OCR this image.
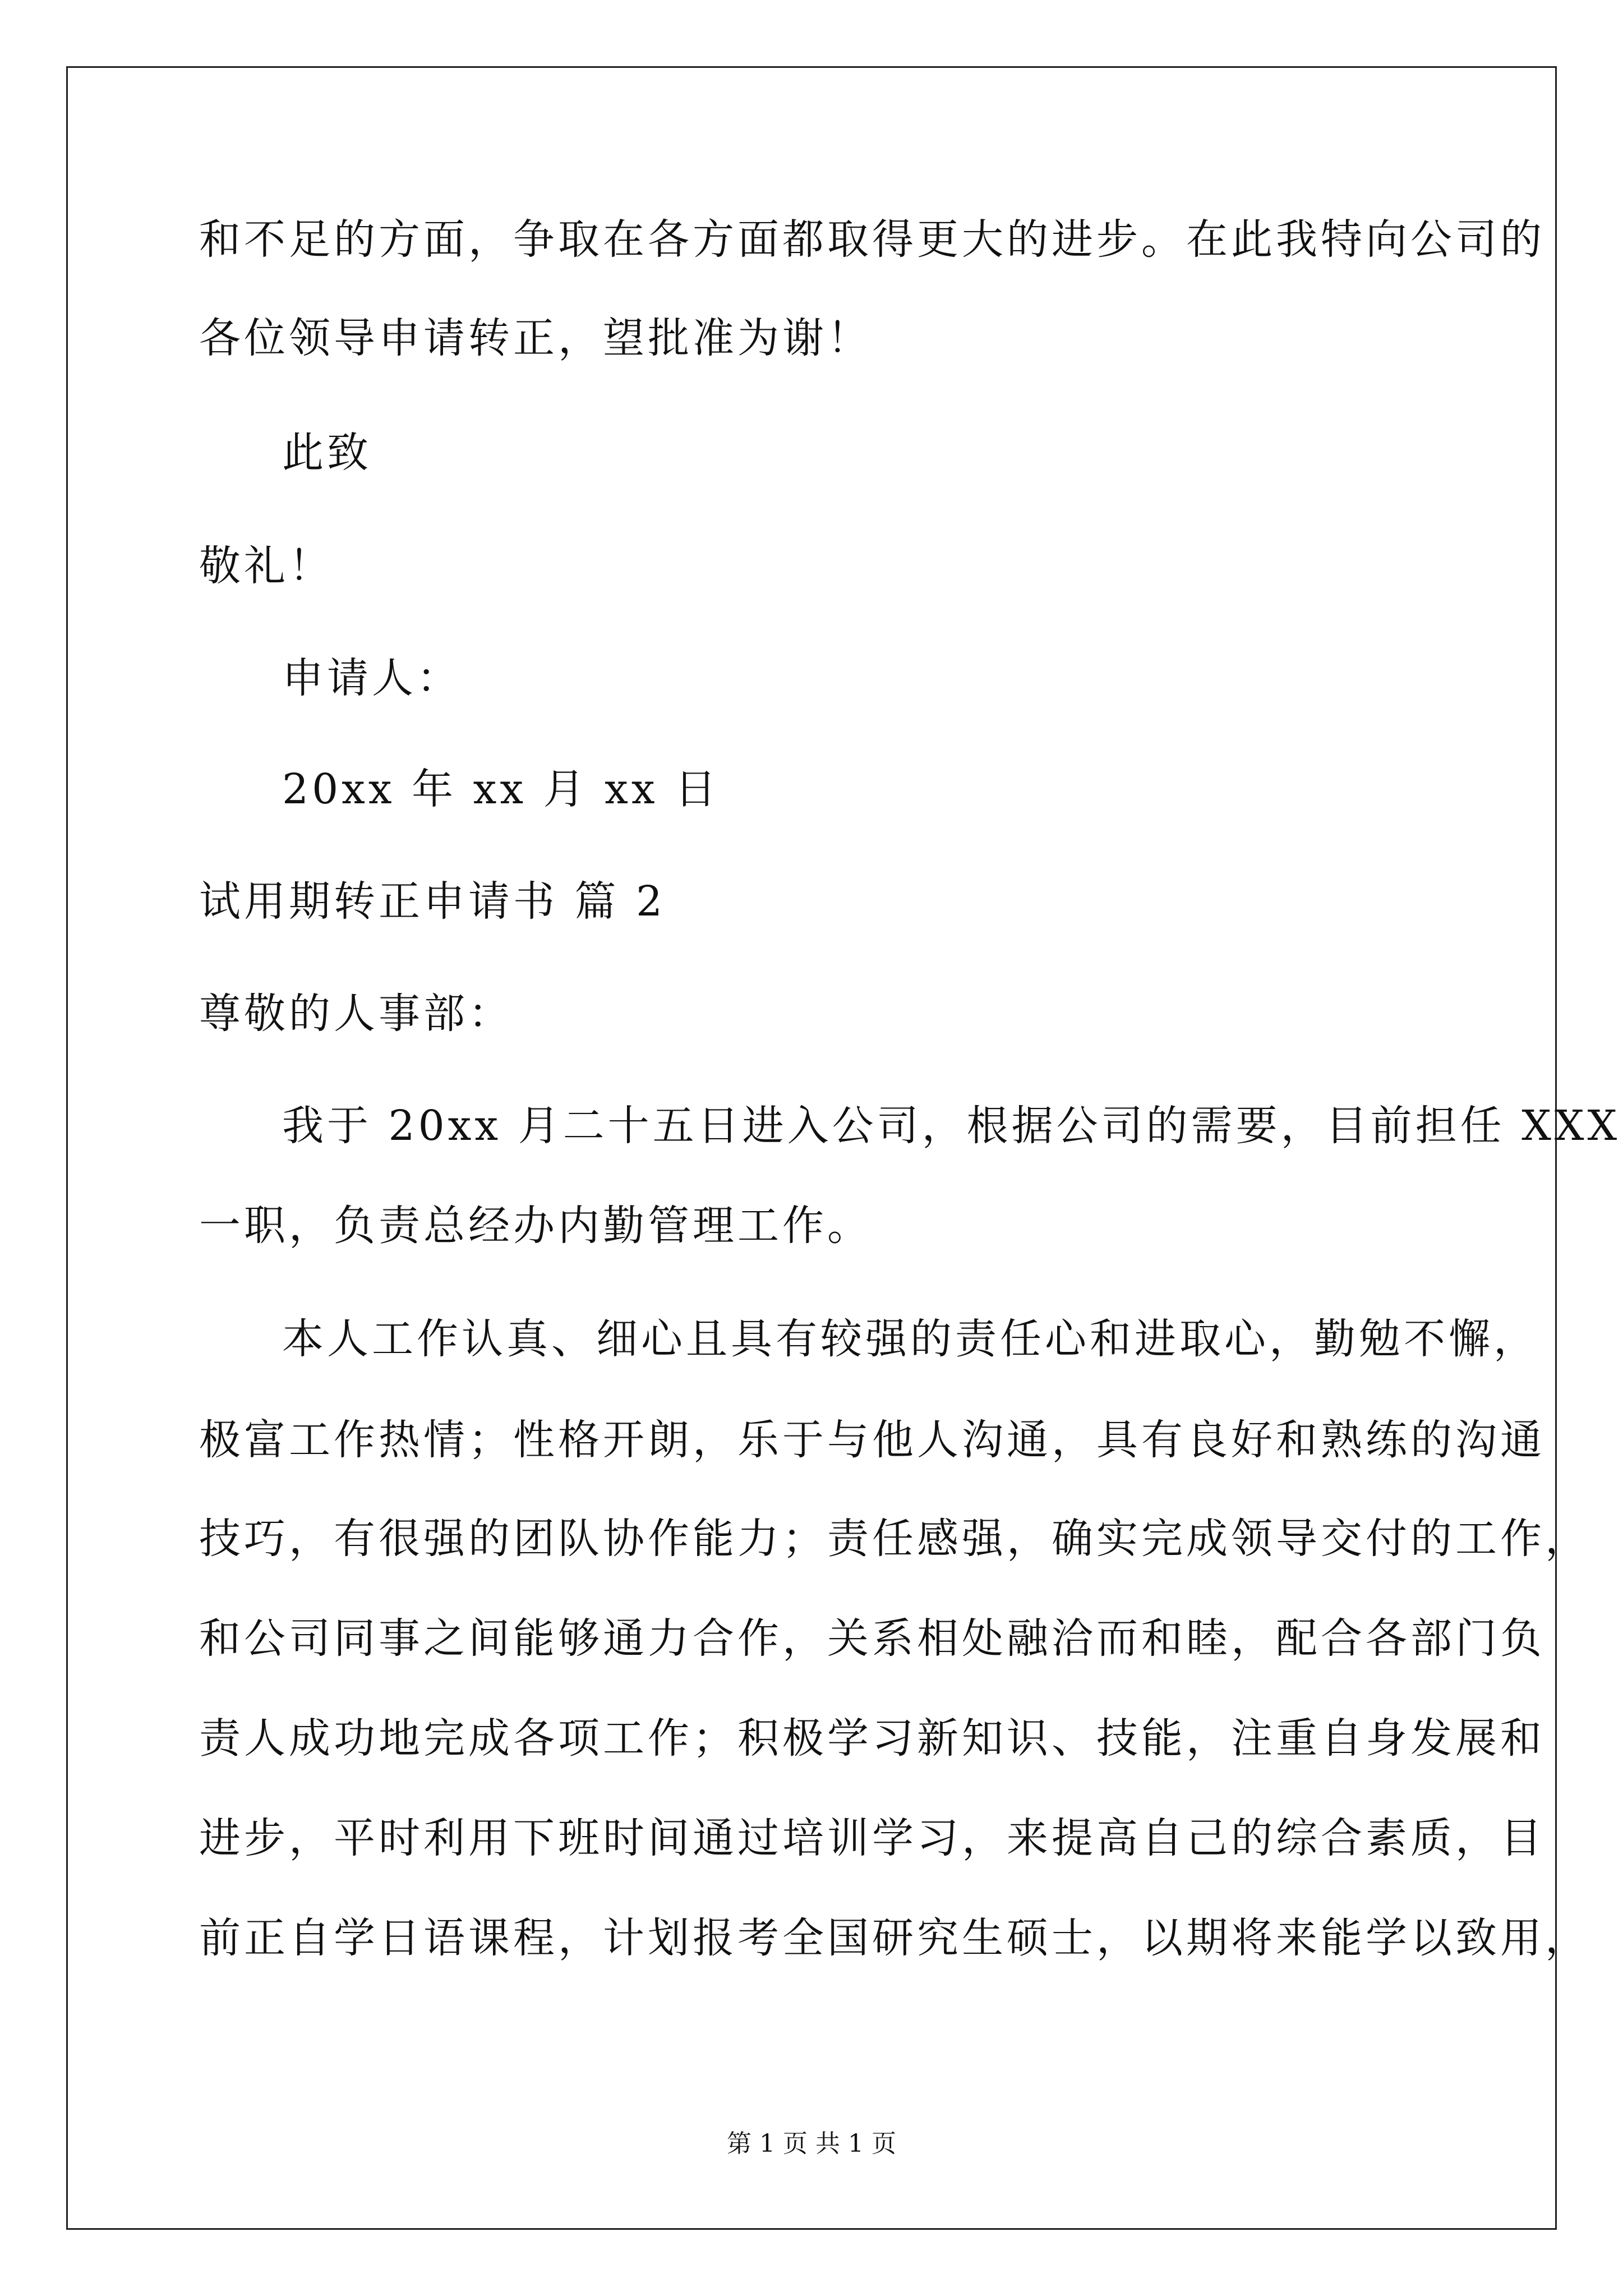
和不足的方面，争取在各方面都取得更大的进步。在此我特向公司的
各位领导申请转正，望批准为谢！
此致
敬礼！
申请人：
20xx 年 xx 月 xx 日
试用期转正申请书 篇 2
尊敬的人事部：
我于 20xx 月二十五日进入公司，根据公司的需要，目前担任 XXX
一职，负责总经办内勤管理工作。
本人工作认真、细心且具有较强的责任心和进取心，勤勉不懈，
极富工作热情；性格开朗，乐于与他人沟通，具有良好和熟练的沟通
技巧，有很强的团队协作能力；责任感强，确实完成领导交付的工作，
和公司同事之间能够通力合作，关系相处融洽而和睦，配合各部门负
责人成功地完成各项工作；积极学习新知识、技能，注重自身发展和
进步，平时利用下班时间通过培训学习，来提高自己的综合素质，目
前正自学日语课程，计划报考全国研究生硕士，以期将来能学以致用，
第 1 页 共 1 页
